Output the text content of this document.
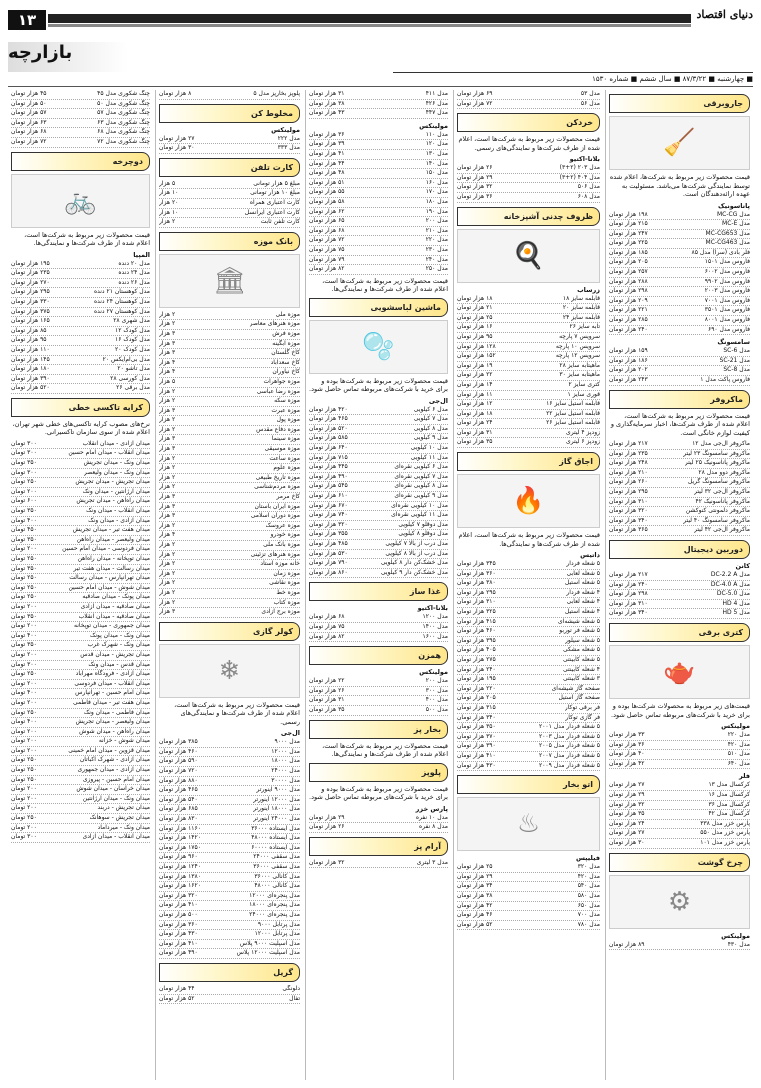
۱۳	دنیای اقتصاد
بازارچه
■ چهارشنبه ■ ۸۷/۳/۲۲ ■ سال ششم ■ شماره ۱۵۳۰
جاروبرقی
🧹
قیمت محصولات زیر مربوط به شرکت‌ها، اعلام شده توسط نمایندگی شرکت‌ها می‌باشد. مسئولیت به عهده ارائه‌دهندگان است.
پاناسونیک
مدل MC-CG
۱۹۸ هزار تومان
مدل MC-E
۲۱۵ هزار تومان
مدل MC-CG653
۲۴۷ هزار تومان
مدل MC-CG463
۲۲۵ هزار تومان
فلر بادی (سرا) مدل ۸۵
۱۸۵ هزار تومان
فاروس مدل ۱۵۰۱
۲۰۵ هزار تومان
فاروس مدل ۶۰۰۲
۲۵۷ هزار تومان
فاروس مدل ۹۹۰۲
۲۸۸ هزار تومان
فاروس مدل ۲۰۰۳
۲۹۸ هزار تومان
فاروس مدل ۷۰۰۱
۲۰۹ هزار تومان
فاروس مدل ۳۵۰۱
۲۲۱ هزار تومان
فاروس مدل ۸۰۰۱
۲۸۵ هزار تومان
فاروس مدل ۶۹۰
۲۴۰ هزار تومان
سامسونگ
مدل SC-6
۱۵۹ هزار تومان
مدل SC-21
۱۸۶ هزار تومان
مدل SC-8
۲۰۲ هزار تومان
فاروس پاکت مدل ۱
۲۴۳ هزار تومان
ماکروفر
قیمت محصولات زیر مربوط به شرکت‌ها است، اعلام شده از طرف شرکت‌ها، اخبار سرمایه‌گذاری و کیفیت لوازم خانگی است.
ماکروفر ال‌جی مدل ۱۲
۲۱۷ هزار تومان
ماکروفر سامسونگ ۲۳ لیتر
۲۳۵ هزار تومان
ماکروفر پاناسونیک ۲۵ لیتر
۲۴۸ هزار تومان
ماکروفر دوو مدل ۲۸
۲۱۰ هزار تومان
ماکروفر سامسونگ گریل
۲۶۰ هزار تومان
ماکروفر ال‌جی ۳۲ لیتر
۲۹۵ هزار تومان
ماکروفر پاناسونیک ۴۲
۳۱۰ هزار تومان
ماکروفر دلمونتی کنوکشن
۳۲۰ هزار تومان
ماکروفر سامسونگ ۴۰ لیتر
۳۴۰ هزار تومان
ماکروفر ال‌جی ۴۲ لیتر
۳۶۵ هزار تومان
دوربین دیجیتال
کانن
مدل DC-2.2 A
۲۱۷ هزار تومان
مدل DC-4.0 A
۲۴۰ هزار تومان
مدل DC-5.0
۲۹۸ هزار تومان
مدل HD 4
۳۱۰ هزار تومان
مدل HD 5
۳۴۰ هزار تومان
کتری برقی
🫖
قیمت‌های زیر مربوط به محصولات شرکت‌ها بوده و برای خرید با شرکت‌های مربوطه تماس حاصل شود.
مولینکس
مدل ۲۲۰
۳۳ هزار تومان
مدل ۴۲۰
۳۶ هزار تومان
مدل ۵۱۰
۴۰ هزار تومان
مدل ۶۴۰
۴۲ هزار تومان
فلر
کرکسال مدل ۱۳
۲۷ هزار تومان
کرکسال مدل ۱۶
۲۹ هزار تومان
کرکسال مدل ۳۶
۳۲ هزار تومان
کرکسال مدل ۴۲
۳۵ هزار تومان
پارس خزر مدل ۳۳۸
۲۴ هزار تومان
پارس خزر مدل ۵۵۰
۲۷ هزار تومان
پارس خزر مدل ۱۰۱
۳۰ هزار تومان
چرخ گوشت
⚙
مولینکس
مدل ۴۳۰
۸۹ هزار تومان
مدل ۵۳
۶۹ هزار تومان
مدل ۵۶
۷۲ هزار تومان
خردکن
قیمت محصولات زیر مربوط به شرکت‌ها است، اعلام شده از طرف شرکت‌ها و نمایندگی‌های رسمی.
بلانا-اکتیو
مدل ۲۰۳ (۲+۳)
۲۶ هزار تومان
مدل ۴۰۴ (۲+۳)
۲۹ هزار تومان
مدل ۵۰۶
۳۲ هزار تومان
مدل ۶۰۸
۳۶ هزار تومان
ظروف چدنی آشپزخانه
🍳
زرساب
قابلمه سایز ۱۸
۱۸ هزار تومان
قابلمه سایز ۲۰
۲۱ هزار تومان
قابلمه سایز ۲۴
۲۵ هزار تومان
تابه سایز ۲۶
۱۶ هزار تومان
سرویس ۷ پارچه
۹۵ هزار تومان
سرویس ۱۰ پارچه
۱۲۸ هزار تومان
سرویس ۱۲ پارچه
۱۵۲ هزار تومان
ماهیتابه سایز ۲۸
۱۹ هزار تومان
ماهیتابه سایز ۳۰
۲۲ هزار تومان
کتری سایز ۲
۱۴ هزار تومان
قوری سایز ۱
۱۱ هزار تومان
قابلمه استیل سایز ۱۶
۱۲ هزار تومان
قابلمه استیل سایز ۲۲
۱۸ هزار تومان
قابلمه استیل سایز ۲۶
۲۴ هزار تومان
زودپز ۴ لیتری
۳۱ هزار تومان
زودپز ۶ لیتری
۳۵ هزار تومان
اجاق گاز
🔥
قیمت محصولات زیر مربوط به شرکت‌ها است، اعلام شده از طرف شرکت‌ها و نمایندگی‌ها.
داتیس
۵ شعله فردار
۳۴۵ هزار تومان
۵ شعله لعابی
۳۶۰ هزار تومان
۵ شعله استیل
۳۸۰ هزار تومان
۴ شعله فردار
۲۹۵ هزار تومان
۴ شعله لعابی
۳۱۰ هزار تومان
۴ شعله استیل
۳۲۵ هزار تومان
۵ شعله شیشه‌ای
۴۱۵ هزار تومان
۵ شعله فر توربو
۴۶۰ هزار تومان
۵ شعله سیلور
۳۹۵ هزار تومان
۵ شعله مشکی
۴۰۵ هزار تومان
۵ شعله کابینتی
۲۷۵ هزار تومان
۴ شعله کابینتی
۲۴۰ هزار تومان
۳ شعله کابینتی
۱۹۵ هزار تومان
صفحه گاز شیشه‌ای
۲۲۰ هزار تومان
صفحه گاز استیل
۲۰۵ هزار تومان
فر برقی توکار
۳۱۵ هزار تومان
فر گازی توکار
۳۴۰ هزار تومان
۵ شعله فردار مدل ۲۰۰۱
۳۵۰ هزار تومان
۵ شعله فردار مدل ۲۰۰۳
۳۷۰ هزار تومان
۵ شعله فردار مدل ۲۰۰۵
۳۹۰ هزار تومان
۵ شعله فردار مدل ۲۰۰۷
۴۱۰ هزار تومان
۵ شعله فردار مدل ۲۰۰۹
۴۳۰ هزار تومان
اتو بخار
♨
فیلیپس
مدل ۳۲۰
۲۵ هزار تومان
مدل ۴۲۰
۲۹ هزار تومان
مدل ۵۴۰
۳۴ هزار تومان
مدل ۵۸۰
۳۸ هزار تومان
مدل ۶۵۰
۴۲ هزار تومان
مدل ۷۰۰
۴۶ هزار تومان
مدل ۷۸۰
۵۲ هزار تومان
مدل ۴۱۱
۳۱ هزار تومان
مدل ۴۲۶
۳۸ هزار تومان
مدل ۴۴۷
۴۳ هزار تومان
مولینکس
مدل ۱۱۰
۳۶ هزار تومان
مدل ۱۲۰
۳۹ هزار تومان
مدل ۱۳۰
۴۱ هزار تومان
مدل ۱۴۰
۴۴ هزار تومان
مدل ۱۵۰
۴۸ هزار تومان
مدل ۱۶۰
۵۱ هزار تومان
مدل ۱۷۰
۵۵ هزار تومان
مدل ۱۸۰
۵۸ هزار تومان
مدل ۱۹۰
۶۲ هزار تومان
مدل ۲۰۰
۶۵ هزار تومان
مدل ۲۱۰
۶۸ هزار تومان
مدل ۲۲۰
۷۲ هزار تومان
مدل ۲۳۰
۷۵ هزار تومان
مدل ۲۴۰
۷۹ هزار تومان
مدل ۲۵۰
۸۲ هزار تومان
قیمت محصولات زیر مربوط به شرکت‌ها است، اعلام شده از طرف شرکت‌ها و نمایندگی‌ها.
ماشین لباسشویی
🫧
قیمت محصولات زیر مربوط به شرکت‌ها بوده و برای خرید با شرکت‌های مربوطه تماس حاصل شود.
ال‌جی
مدل ۶ کیلویی
۴۲۰ هزار تومان
مدل ۷ کیلویی
۴۶۵ هزار تومان
مدل ۸ کیلویی
۵۲۰ هزار تومان
مدل ۹ کیلویی
۵۸۵ هزار تومان
مدل ۱۰ کیلویی
۶۴۰ هزار تومان
مدل ۱۱ کیلویی
۷۱۵ هزار تومان
مدل ۶ کیلویی نقره‌ای
۴۴۵ هزار تومان
مدل ۷ کیلویی نقره‌ای
۴۹۰ هزار تومان
مدل ۸ کیلویی نقره‌ای
۵۴۵ هزار تومان
مدل ۹ کیلویی نقره‌ای
۶۱۰ هزار تومان
مدل ۱۰ کیلویی نقره‌ای
۶۷۰ هزار تومان
مدل ۱۱ کیلویی نقره‌ای
۷۴۰ هزار تومان
مدل دوقلو ۷ کیلویی
۳۲۰ هزار تومان
مدل دوقلو ۸ کیلویی
۳۵۵ هزار تومان
مدل درب از بالا ۷ کیلویی
۴۸۵ هزار تومان
مدل درب از بالا ۸ کیلویی
۵۳۰ هزار تومان
مدل خشک‌کن دار ۸ کیلویی
۷۹۰ هزار تومان
مدل خشک‌کن دار ۹ کیلویی
۸۶۰ هزار تومان
غذا ساز
بلانا-اکتیو
مدل ۱۲۰۰
۶۸ هزار تومان
مدل ۱۴۰۰
۷۵ هزار تومان
مدل ۱۶۰۰
۸۲ هزار تومان
همزن
مولینکس
مدل ۲۰۰
۲۲ هزار تومان
مدل ۳۰۰
۲۶ هزار تومان
مدل ۴۰۰
۳۱ هزار تومان
مدل ۵۰۰
۳۵ هزار تومان
بخار پز
قیمت محصولات زیر مربوط به شرکت‌ها است، اعلام شده از طرف شرکت‌ها و نمایندگی‌ها.
پلوپز
قیمت محصولات زیر مربوط به شرکت‌ها بوده و برای خرید با شرکت‌های مربوطه تماس حاصل شود.
پارس خزر
مدل ۱۰ نفره
۲۹ هزار تومان
مدل ۸ نفره
۲۶ هزار تومان
آرام پز
مدل ۳ لیتری
۳۲ هزار تومان
پلوپز بخارپز مدل ۵
۸ هزار تومان
مخلوط کن
مولینکس
مدل ۲۲۲
۲۷ هزار تومان
مدل ۳۳۳
۳۰ هزار تومان
کارت تلفن
مبلغ ۵ هزار تومانی
۵ هزار
مبلغ ۱۰ هزار تومانی
۱۰ هزار
کارت اعتباری همراه
۲۰ هزار
کارت اعتباری ایرانسل
۱۰ هزار
کارت تلفن ثابت
۲ هزار
بانک موزه
🏛
موزه ملی
۲ هزار
موزه هنرهای معاصر
۲ هزار
موزه فرش
۳ هزار
موزه آبگینه
۳ هزار
کاخ گلستان
۳ هزار
کاخ سعدآباد
۴ هزار
کاخ نیاوران
۴ هزار
موزه جواهرات
۵ هزار
موزه رضا عباسی
۲ هزار
موزه سکه
۲ هزار
موزه عبرت
۳ هزار
موزه پول
۲ هزار
موزه دفاع مقدس
۲ هزار
موزه سینما
۳ هزار
موزه موسیقی
۳ هزار
موزه ساعت
۲ هزار
موزه علوم
۲ هزار
موزه تاریخ طبیعی
۲ هزار
موزه مردم‌شناسی
۲ هزار
کاخ مرمر
۳ هزار
موزه ایران باستان
۳ هزار
موزه دوران اسلامی
۳ هزار
موزه عروسک
۲ هزار
موزه خودرو
۴ هزار
موزه بانک ملی
۲ هزار
موزه هنرهای تزئینی
۲ هزار
خانه موزه استاد
۲ هزار
موزه زمان
۲ هزار
موزه نقاشی
۲ هزار
موزه خط
۲ هزار
موزه کتاب
۲ هزار
موزه برج آزادی
۳ هزار
کولر گازی
❄
قیمت محصولات زیر مربوط به شرکت‌ها است، اعلام شده از طرف شرکت‌ها و نمایندگی‌های رسمی.
ال‌جی
مدل ۹۰۰۰
۳۸۵ هزار تومان
مدل ۱۲۰۰۰
۴۶۰ هزار تومان
مدل ۱۸۰۰۰
۵۹۰ هزار تومان
مدل ۲۴۰۰۰
۷۲۰ هزار تومان
مدل ۳۰۰۰۰
۸۸۰ هزار تومان
مدل ۹۰۰۰ اینورتر
۴۶۵ هزار تومان
مدل ۱۲۰۰۰ اینورتر
۵۴۰ هزار تومان
مدل ۱۸۰۰۰ اینورتر
۶۸۵ هزار تومان
مدل ۲۴۰۰۰ اینورتر
۸۳۰ هزار تومان
مدل ایستاده ۳۶۰۰۰
۱۱۶۰ هزار تومان
مدل ایستاده ۴۸۰۰۰
۱۴۲۰ هزار تومان
مدل ایستاده ۶۰۰۰۰
۱۷۵۰ هزار تومان
مدل سقفی ۲۴۰۰۰
۹۶۰ هزار تومان
مدل سقفی ۳۶۰۰۰
۱۲۴۰ هزار تومان
مدل کانالی ۳۶۰۰۰
۱۳۸۰ هزار تومان
مدل کانالی ۴۸۰۰۰
۱۶۲۰ هزار تومان
مدل پنجره‌ای ۱۲۰۰۰
۳۲۰ هزار تومان
مدل پنجره‌ای ۱۸۰۰۰
۴۱۰ هزار تومان
مدل پنجره‌ای ۲۴۰۰۰
۵۰۰ هزار تومان
مدل پرتابل ۹۰۰۰
۳۶۰ هزار تومان
مدل پرتابل ۱۲۰۰۰
۴۳۰ هزار تومان
مدل اسپلیت ۹۰۰۰ پلاس
۴۱۰ هزار تومان
مدل اسپلیت ۱۲۰۰۰ پلاس
۴۹۰ هزار تومان
گریل
دلونگی
۴۴ هزار تومان
تفال
۵۲ هزار تومان
چنگ شکوری مدل ۴۵
۴۵ هزار تومان
چنگ شکوری مدل ۵۰
۵۰ هزار تومان
چنگ شکوری مدل ۵۷
۵۷ هزار تومان
چنگ شکوری مدل ۶۳
۶۳ هزار تومان
چنگ شکوری مدل ۶۸
۶۸ هزار تومان
چنگ شکوری مدل ۷۲
۷۲ هزار تومان
دوچرخه
🚲
قیمت محصولات زیر مربوط به شرکت‌ها است، اعلام شده از طرف شرکت‌ها و نمایندگی‌ها.
المپیا
مدل ۲۰ دنده
۱۹۵ هزار تومان
مدل ۲۴ دنده
۲۳۵ هزار تومان
مدل ۲۶ دنده
۲۷۰ هزار تومان
مدل کوهستان ۲۱ دنده
۲۹۵ هزار تومان
مدل کوهستان ۲۴ دنده
۳۳۰ هزار تومان
مدل کوهستان ۲۷ دنده
۳۷۵ هزار تومان
مدل شهری ۲۸
۱۶۵ هزار تومان
مدل کودک ۱۲
۸۵ هزار تومان
مدل کودک ۱۶
۹۵ هزار تومان
مدل کودک ۲۰
۱۱۰ هزار تومان
مدل بی‌ام‌ایکس ۲۰
۱۴۵ هزار تومان
مدل تاشو ۲۰
۱۸۰ هزار تومان
مدل کورسی ۲۸
۳۹۰ هزار تومان
مدل برقی ۲۶
۵۲۰ هزار تومان
کرایه تاکسی خطی
نرخ‌های مصوب کرایه تاکسی‌های خطی شهر تهران، اعلام شده از سوی سازمان تاکسیرانی.
میدان آزادی - میدان انقلاب
۳۰۰ تومان
میدان انقلاب - میدان امام حسین
۳۰۰ تومان
میدان ونک - میدان تجریش
۳۵۰ تومان
میدان ونک - میدان ولیعصر
۳۰۰ تومان
میدان تجریش - میدان تجریش
۲۵۰ تومان
میدان آرژانتین - میدان ونک
۲۰۰ تومان
میدان راه‌آهن - میدان تجریش
۶۰۰ تومان
میدان انقلاب - میدان ونک
۳۵۰ تومان
میدان آزادی - میدان ونک
۴۰۰ تومان
میدان هفت تیر - میدان تجریش
۴۵۰ تومان
میدان ولیعصر - میدان راه‌آهن
۳۵۰ تومان
میدان فردوسی - میدان امام حسین
۲۰۰ تومان
میدان توپخانه - میدان راه‌آهن
۲۵۰ تومان
میدان رسالت - میدان هفت تیر
۳۵۰ تومان
میدان تهرانپارس - میدان رسالت
۲۵۰ تومان
میدان شوش - میدان امام حسین
۲۵۰ تومان
میدان پونک - میدان صادقیه
۲۵۰ تومان
میدان صادقیه - میدان آزادی
۲۰۰ تومان
میدان صادقیه - میدان انقلاب
۳۵۰ تومان
میدان جمهوری - میدان توپخانه
۲۰۰ تومان
میدان ونک - میدان پونک
۴۰۰ تومان
میدان ونک - شهرک غرب
۳۵۰ تومان
میدان تجریش - میدان قدس
۲۰۰ تومان
میدان قدس - میدان ونک
۳۰۰ تومان
میدان آزادی - فرودگاه مهرآباد
۲۵۰ تومان
میدان انقلاب - میدان فردوسی
۲۰۰ تومان
میدان امام حسین - تهرانپارس
۴۰۰ تومان
میدان هفت تیر - میدان فاطمی
۲۰۰ تومان
میدان فاطمی - میدان ونک
۲۵۰ تومان
میدان ولیعصر - میدان تجریش
۴۰۰ تومان
میدان راه‌آهن - میدان شوش
۲۰۰ تومان
میدان شوش - خزانه
۲۰۰ تومان
میدان قزوین - میدان امام خمینی
۲۰۰ تومان
میدان آزادی - شهرک اکباتان
۲۵۰ تومان
میدان آزادی - میدان جمهوری
۲۵۰ تومان
میدان امام حسین - پیروزی
۲۵۰ تومان
میدان خراسان - میدان شوش
۲۰۰ تومان
میدان ونک - میدان آرژانتین
۲۰۰ تومان
میدان تجریش - دربند
۲۰۰ تومان
میدان تجریش - سوهانک
۲۵۰ تومان
میدان ونک - میرداماد
۲۰۰ تومان
میدان انقلاب - میدان آزادی
۳۰۰ تومان
